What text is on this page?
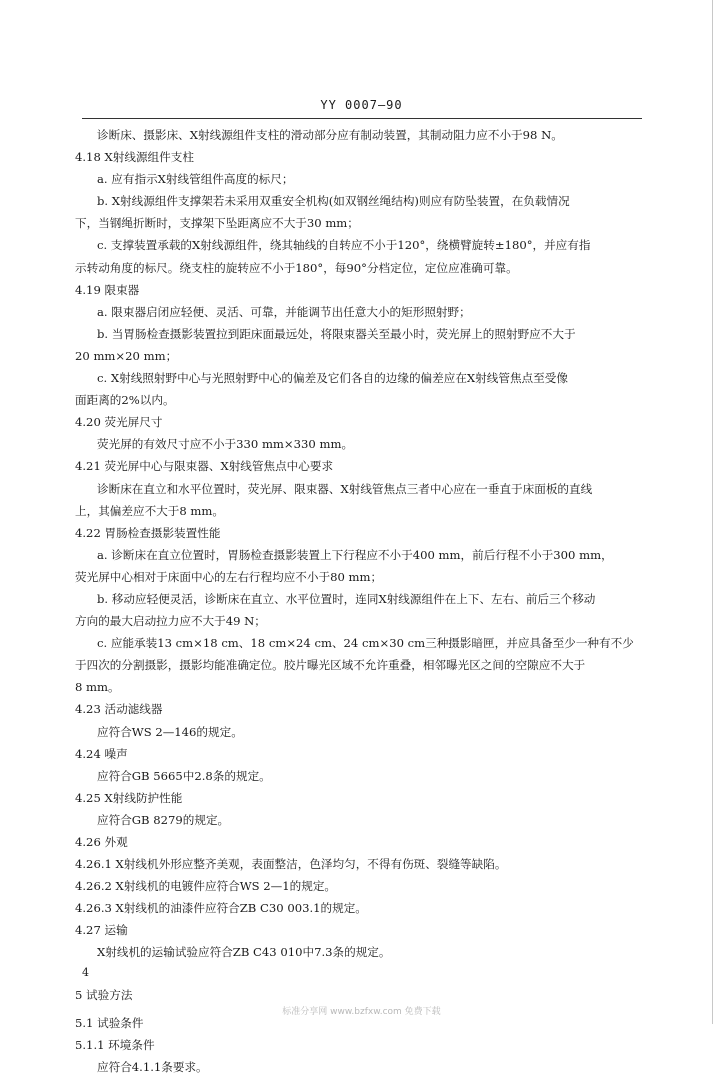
YY 0007—90
诊断床、摄影床、X射线源组件支柱的滑动部分应有制动装置，其制动阻力应不小于98 N。
4.18 X射线源组件支柱
a. 应有指示X射线管组件高度的标尺；
b. X射线源组件支撑架若未采用双重安全机构(如双钢丝绳结构)则应有防坠装置，在负载情况
下，当钢绳折断时，支撑架下坠距离应不大于30 mm；
c. 支撑装置承载的X射线源组件，绕其轴线的自转应不小于120°，绕横臂旋转±180°，并应有指
示转动角度的标尺。绕支柱的旋转应不小于180°，每90°分档定位，定位应准确可靠。
4.19 限束器
a. 限束器启闭应轻便、灵活、可靠，并能调节出任意大小的矩形照射野；
b. 当胃肠检查摄影装置拉到距床面最远处，将限束器关至最小时，荧光屏上的照射野应不大于
20 mm×20 mm；
c. X射线照射野中心与光照射野中心的偏差及它们各自的边缘的偏差应在X射线管焦点至受像
面距离的2%以内。
4.20 荧光屏尺寸
荧光屏的有效尺寸应不小于330 mm×330 mm。
4.21 荧光屏中心与限束器、X射线管焦点中心要求
诊断床在直立和水平位置时，荧光屏、限束器、X射线管焦点三者中心应在一垂直于床面板的直线
上，其偏差应不大于8 mm。
4.22 胃肠检查摄影装置性能
a. 诊断床在直立位置时，胃肠检查摄影装置上下行程应不小于400 mm，前后行程不小于300 mm，
荧光屏中心相对于床面中心的左右行程均应不小于80 mm；
b. 移动应轻便灵活，诊断床在直立、水平位置时，连同X射线源组件在上下、左右、前后三个移动
方向的最大启动拉力应不大于49 N；
c. 应能承装13 cm×18 cm、18 cm×24 cm、24 cm×30 cm三种摄影暗匣，并应具备至少一种有不少
于四次的分割摄影，摄影均能准确定位。胶片曝光区域不允许重叠，相邻曝光区之间的空隙应不大于
8 mm。
4.23 活动滤线器
应符合WS 2—146的规定。
4.24 噪声
应符合GB 5665中2.8条的规定。
4.25 X射线防护性能
应符合GB 8279的规定。
4.26 外观
4.26.1 X射线机外形应整齐美观，表面整洁，色泽均匀，不得有伤斑、裂缝等缺陷。
4.26.2 X射线机的电镀件应符合WS 2—1的规定。
4.26.3 X射线机的油漆件应符合ZB C30 003.1的规定。
4.27 运输
X射线机的运输试验应符合ZB C43 010中7.3条的规定。
5 试验方法
5.1 试验条件
5.1.1 环境条件
应符合4.1.1条要求。
4
标准分享网 www.bzfxw.com 免费下载
